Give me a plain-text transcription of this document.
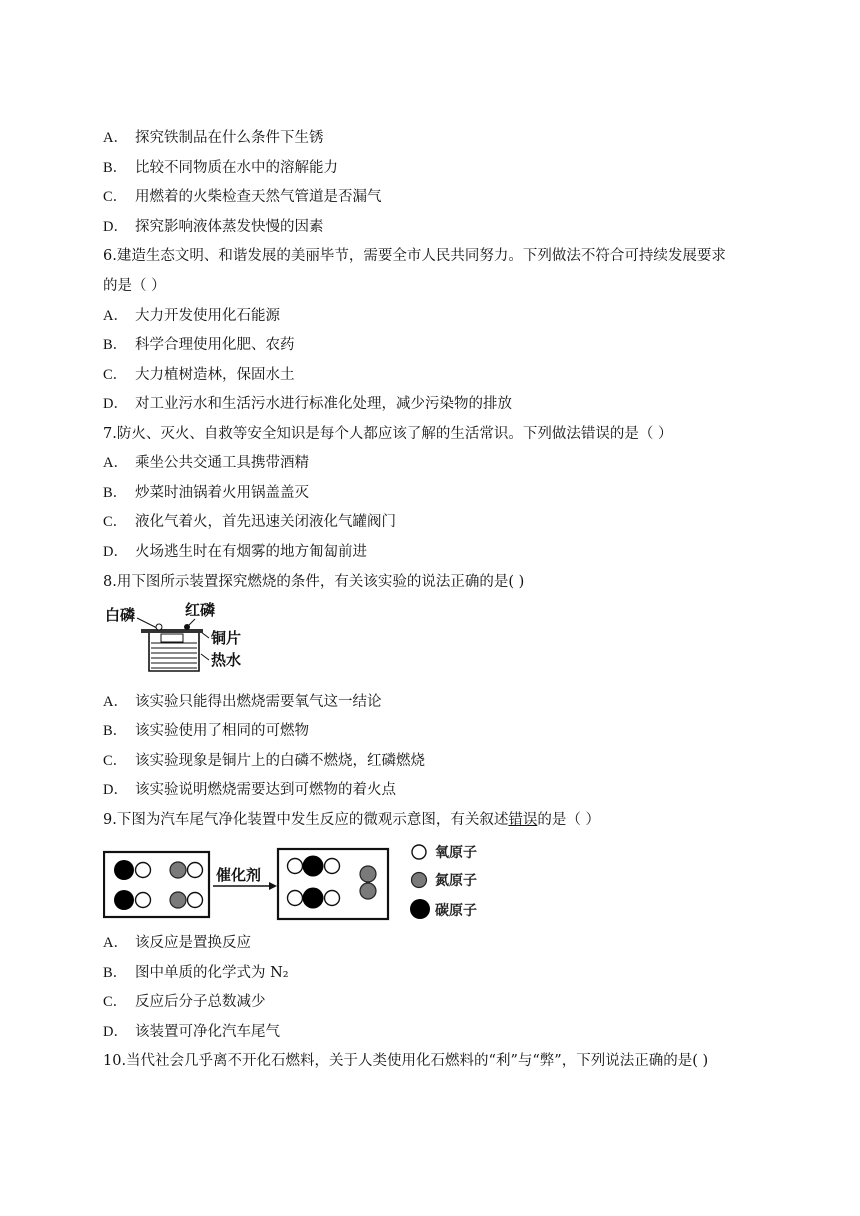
A． 探究铁制品在什么条件下生锈
B． 比较不同物质在水中的溶解能力
C． 用燃着的火柴检查天然气管道是否漏气
D． 探究影响液体蒸发快慢的因素
6.建造生态文明、和谐发展的美丽毕节，需要全市人民共同努力。下列做法不符合可持续发展要求
的是（ ）
A． 大力开发使用化石能源
B． 科学合理使用化肥、农药
C． 大力植树造林，保固水土
D． 对工业污水和生活污水进行标准化处理，减少污染物的排放
7.防火、灭火、自救等安全知识是每个人都应该了解的生活常识。下列做法错误的是（ ）
A． 乘坐公共交通工具携带酒精
B． 炒菜时油锅着火用锅盖盖灭
C． 液化气着火，首先迅速关闭液化气罐阀门
D． 火场逃生时在有烟雾的地方匍匐前进
8.用下图所示装置探究燃烧的条件，有关该实验的说法正确的是( )
白磷	红磷
铜片
热水
A． 该实验只能得出燃烧需要氧气这一结论
B． 该实验使用了相同的可燃物
C． 该实验现象是铜片上的白磷不燃烧，红磷燃烧
D． 该实验说明燃烧需要达到可燃物的着火点
9.下图为汽车尾气净化装置中发生反应的微观示意图，有关叙述错误的是（ ）
催化剂
氧原子
氮原子
碳原子
A． 该反应是置换反应
B． 图中单质的化学式为 N₂
C． 反应后分子总数减少
D． 该装置可净化汽车尾气
10.当代社会几乎离不开化石燃料，关于人类使用化石燃料的“利”与“弊”，下列说法正确的是( )
